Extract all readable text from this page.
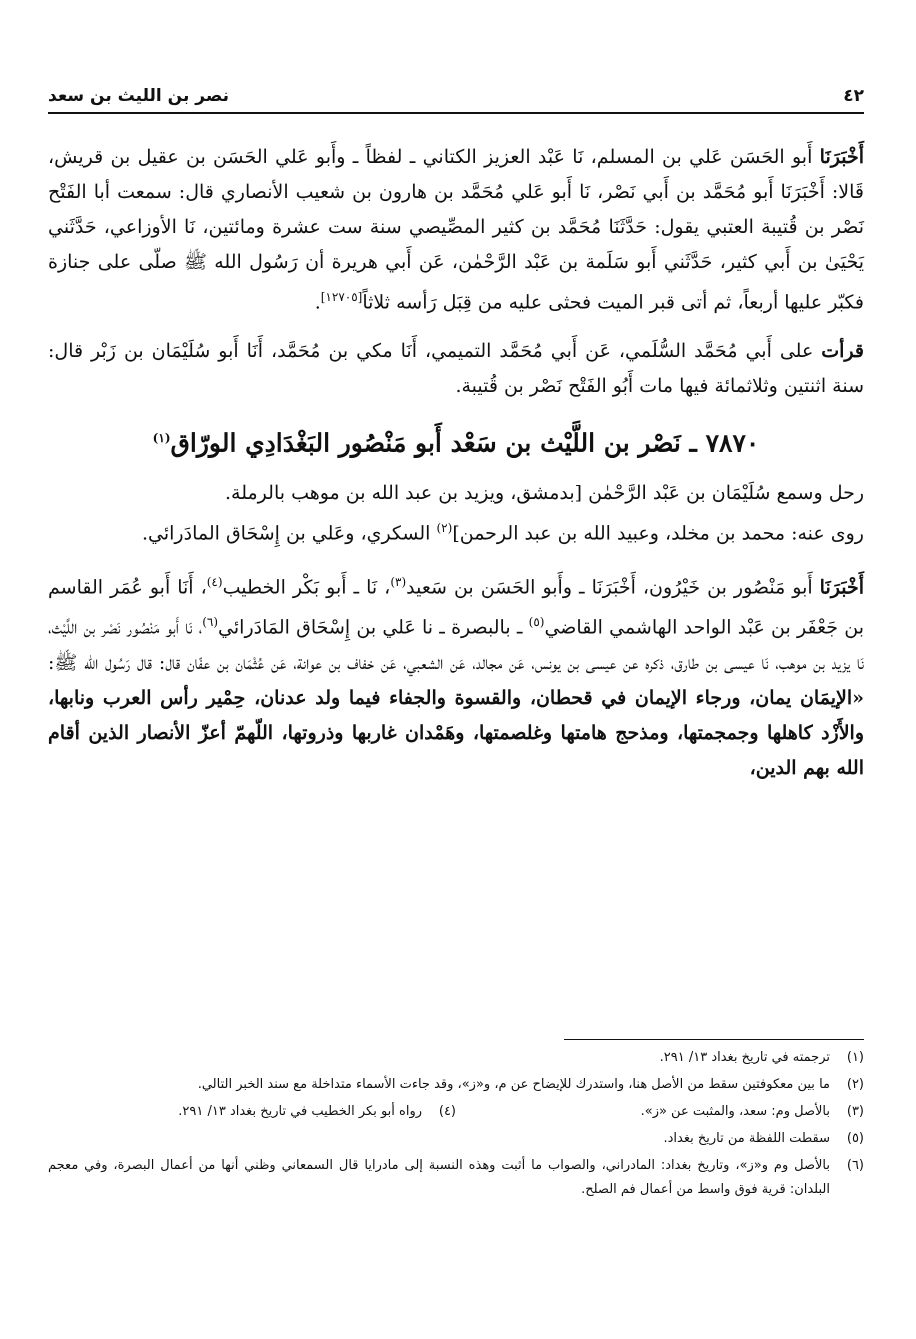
٤٢
نصر بن الليث بن سعد

أَخْبَرَنَا أَبو الحَسَن عَلي بن المسلم، نَا عَبْد العزيز الكتاني ـ لفظاً ـ وأَبو عَلي الحَسَن بن عقيل بن قريش، قَالا: أَخْبَرَنَا أَبو مُحَمَّد بن أَبي نَصْر، نَا أَبو عَلي مُحَمَّد بن هارون بن شعيب الأنصاري قال: سمعت أبا الفَتْح نَصْر بن قُتيبة العتبي يقول: حَدَّثَنَا مُحَمَّد بن كثير المصِّيصي سنة ست عشرة ومائتين، نَا الأوزاعي، حَدَّثَني يَحْيَىٰ بن أَبي كثير، حَدَّثَني أَبو سَلَمة بن عَبْد الرَّحْمٰن، عَن أَبي هريرة أن رَسُول الله ﷺ صلّى على جنازة فكبّر عليها أربعاً، ثم أتى قبر الميت فحثى عليه من قِبَل رَأسه ثلاثاً[١٢٧٠٥].

قرأت على أَبي مُحَمَّد السُّلَمي، عَن أَبي مُحَمَّد التميمي، أَنَا مكي بن مُحَمَّد، أَنَا أَبو سُلَيْمَان بن زَبْر قال: سنة اثنتين وثلاثمائة فيها مات أَبُو الفَتْح نَصْر بن قُتيبة.

٧٨٧٠ ـ نَصْر بن اللَّيْث بن سَعْد أَبو مَنْصُور البَغْدَادِي الورّاق$^{(١)}$

رحل وسمع سُلَيْمَان بن عَبْد الرَّحْمٰن [بدمشق، ويزيد بن عبد الله بن موهب بالرملة.

روى عنه: محمد بن مخلد، وعبيد الله بن عبد الرحمن]$^{(٢)}$ السكري، وعَلي بن إِسْحَاق المادَرائي.

أَخْبَرَنَا أَبو مَنْصُور بن خَيْرُون، أَخْبَرَنَا ـ وأَبو الحَسَن بن سَعيد$^{(٣)}$، نَا ـ أَبو بَكْر الخطيب$^{(٤)}$، أَنَا أَبو عُمَر القاسم بن جَعْفَر بن عَبْد الواحد الهاشمي القاضي$^{(٥)}$ ـ بالبصرة ـ نا عَلي بن إِسْحَاق المَادَرائي$^{(٦)}$، نَا أَبو مَنْصُور نَصْر بن اللَّيْث، نَا يزيد بن موهب، نَا عيسى بن طارق، ذكره عن عيسى بن يونس، عَن مجالد، عَن الشعبي، عَن خفاف بن عوانة، عَن عُثْمَان بن عفّان قال: قال رَسُول الله ﷺ: «الإيمَان يمان، ورجاء الإيمان في قحطان، والقسوة والجفاء فيما ولد عدنان، حِمْير رأس العرب ونابها، والأَزْد كاهلها وجمجمتها، ومذحج هامتها وغلصمتها، وهَمْدان غاربها وذروتها، اللّهمّ أعزّ الأنصار الذين أقام الله بهم الدين،

(١)
ترجمته في تاريخ بغداد ١٣/ ٢٩١.
(٢)
ما بين معكوفتين سقط من الأصل هنا، واستدرك للإيضاح عن م، و«ز»، وقد جاءت الأسماء متداخلة مع سند الخبر التالي.
(٣)
بالأصل وم: سعد، والمثبت عن «ز».
(٤)
رواه أبو بكر الخطيب في تاريخ بغداد ١٣/ ٢٩١.
(٥)
سقطت اللفظة من تاريخ بغداد.
(٦)
بالأصل وم و«ز»، وتاريخ بغداد: المادراني، والصواب ما أثبت وهذه النسبة إلى مادرايا قال السمعاني وظني أنها من أعمال البصرة، وفي معجم البلدان: قرية فوق واسط من أعمال فم الصلح.
